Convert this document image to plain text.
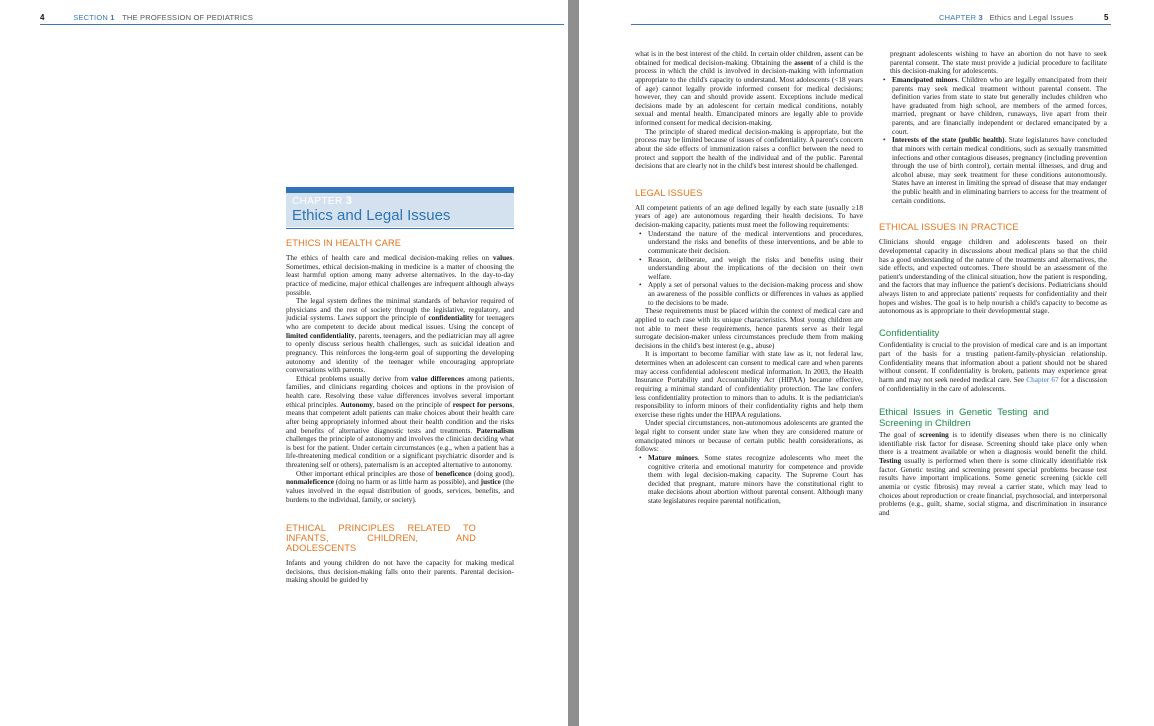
4	SECTION 1 THE PROFESSION OF PEDIATRICS
CHAPTER 3
Ethics and Legal Issues
ETHICS IN HEALTH CARE

The ethics of health care and medical decision-making relies on values. Sometimes, ethical decision-making in medicine is a matter of choosing the least harmful option among many adverse alternatives. In the day-to-day practice of medicine, major ethical challenges are infrequent although always possible.

The legal system defines the minimal standards of behavior required of physicians and the rest of society through the legislative, regulatory, and judicial systems. Laws support the principle of confidentiality for teenagers who are competent to decide about medical issues. Using the concept of limited confidentiality, parents, teenagers, and the pediatrician may all agree to openly discuss serious health challenges, such as suicidal ideation and pregnancy. This reinforces the long-term goal of supporting the developing autonomy and identity of the teenager while encouraging appropriate conversations with parents.

Ethical problems usually derive from value differences among patients, families, and clinicians regarding choices and options in the provision of health care. Resolving these value differences involves several important ethical principles. Autonomy, based on the principle of respect for persons, means that competent adult patients can make choices about their health care after being appropriately informed about their health condition and the risks and benefits of alternative diagnostic tests and treatments. Paternalism challenges the principle of autonomy and involves the clinician deciding what is best for the patient. Under certain circumstances (e.g., when a patient has a life-threatening medical condition or a significant psychiatric disorder and is threatening self or others), paternalism is an accepted alternative to autonomy.

Other important ethical principles are those of beneficence (doing good), nonmaleficence (doing no harm or as little harm as possible), and justice (the values involved in the equal distribution of goods, services, benefits, and burdens to the individual, family, or society).

ETHICAL PRINCIPLES RELATED TO INFANTS, CHILDREN, AND ADOLESCENTS

Infants and young children do not have the capacity for making medical decisions, thus decision-making falls onto their parents. Parental decision-making should be guided by

CHAPTER 3 Ethics and Legal Issues	5

what is in the best interest of the child. In certain older children, assent can be obtained for medical decision-making. Obtaining the assent of a child is the process in which the child is involved in decision-making with information appropriate to the child's capacity to understand. Most adolescents (<18 years of age) cannot legally provide informed consent for medical decisions; however, they can and should provide assent. Exceptions include medical decisions made by an adolescent for certain medical conditions, notably sexual and mental health. Emancipated minors are legally able to provide informed consent for medical decision-making.

The principle of shared medical decision-making is appropriate, but the process may be limited because of issues of confidentiality. A parent's concern about the side effects of immunization raises a conflict between the need to protect and support the health of the individual and of the public. Parental decisions that are clearly not in the child's best interest should be challenged.

LEGAL ISSUES

All competent patients of an age defined legally by each state (usually ≥18 years of age) are autonomous regarding their health decisions. To have decision-making capacity, patients must meet the following requirements:

• Understand the nature of the medical interventions and procedures, understand the risks and benefits of these interventions, and be able to communicate their decision.
• Reason, deliberate, and weigh the risks and benefits using their understanding about the implications of the decision on their own welfare.
• Apply a set of personal values to the decision-making process and show an awareness of the possible conflicts or differences in values as applied to the decisions to be made.

These requirements must be placed within the context of medical care and applied to each case with its unique characteristics. Most young children are not able to meet these requirements, hence parents serve as their legal surrogate decision-maker unless circumstances preclude them from making decisions in the child's best interest (e.g., abuse)

It is important to become familiar with state law as it, not federal law, determines when an adolescent can consent to medical care and when parents may access confidential adolescent medical information. In 2003, the Health Insurance Portability and Accountability Act (HIPAA) became effective, requiring a minimal standard of confidentiality protection. The law confers less confidentiality protection to minors than to adults. It is the pediatrician's responsibility to inform minors of their confidentiality rights and help them exercise these rights under the HIPAA regulations.

Under special circumstances, non-autonomous adolescents are granted the legal right to consent under state law when they are considered mature or emancipated minors or because of certain public health considerations, as follows:

• Mature minors. Some states recognize adolescents who meet the cognitive criteria and emotional maturity for competence and provide them with legal decision-making capacity. The Supreme Court has decided that pregnant, mature minors have the constitutional right to make decisions about abortion without parental consent. Although many state legislatures require parental notification,

pregnant adolescents wishing to have an abortion do not have to seek parental consent. The state must provide a judicial procedure to facilitate this decision-making for adolescents.

• Emancipated minors. Children who are legally emancipated from their parents may seek medical treatment without parental consent. The definition varies from state to state but generally includes children who have graduated from high school, are members of the armed forces, married, pregnant or have children, runaways, live apart from their parents, and are financially independent or declared emancipated by a court.
• Interests of the state (public health). State legislatures have concluded that minors with certain medical conditions, such as sexually transmitted infections and other contagious diseases, pregnancy (including prevention through the use of birth control), certain mental illnesses, and drug and alcohol abuse, may seek treatment for these conditions autonomously. States have an interest in limiting the spread of disease that may endanger the public health and in eliminating barriers to access for the treatment of certain conditions.
ETHICAL ISSUES IN PRACTICE

Clinicians should engage children and adolescents based on their developmental capacity in discussions about medical plans so that the child has a good understanding of the nature of the treatments and alternatives, the side effects, and expected outcomes. There should be an assessment of the patient's understanding of the clinical situation, how the patient is responding, and the factors that may influence the patient's decisions. Pediatricians should always listen to and appreciate patients' requests for confidentiality and their hopes and wishes. The goal is to help nourish a child's capacity to become as autonomous as is appropriate to their developmental stage.

Confidentiality

Confidentiality is crucial to the provision of medical care and is an important part of the basis for a trusting patient-family-physician relationship. Confidentiality means that information about a patient should not be shared without consent. If confidentiality is broken, patients may experience great harm and may not seek needed medical care. See Chapter 67 for a discussion of confidentiality in the care of adolescents.

Ethical Issues in Genetic Testing and Screening in Children

The goal of screening is to identify diseases when there is no clinically identifiable risk factor for disease. Screening should take place only when there is a treatment available or when a diagnosis would benefit the child. Testing usually is performed when there is some clinically identifiable risk factor. Genetic testing and screening present special problems because test results have important implications. Some genetic screening (sickle cell anemia or cystic fibrosis) may reveal a carrier state, which may lead to choices about reproduction or create financial, psychosocial, and interpersonal problems (e.g., guilt, shame, social stigma, and discrimination in insurance and
